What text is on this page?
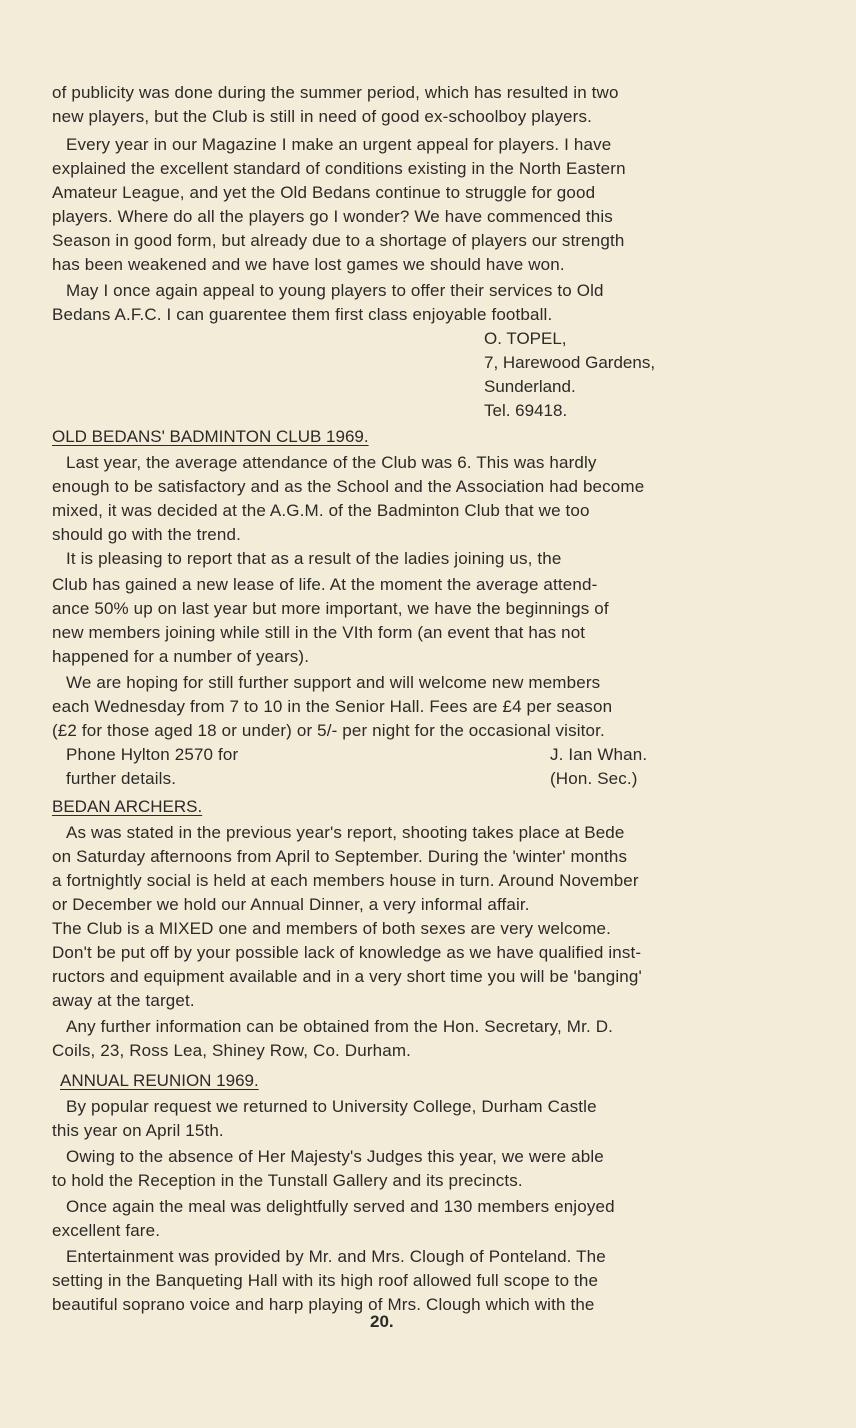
of publicity was done during the summer period, which has resulted in two
new players, but the Club is still in need of good ex-schoolboy players.
Every year in our Magazine I make an urgent appeal for players. I have
explained the excellent standard of conditions existing in the North Eastern
Amateur League, and yet the Old Bedans continue to struggle for good
players. Where do all the players go I wonder? We have commenced this
Season in good form, but already due to a shortage of players our strength
has been weakened and we have lost games we should have won.
May I once again appeal to young players to offer their services to Old
Bedans A.F.C. I can guarentee them first class enjoyable football.
O. TOPEL,
7, Harewood Gardens,
Sunderland.
Tel. 69418.
OLD BEDANS' BADMINTON CLUB 1969.
Last year, the average attendance of the Club was 6. This was hardly
enough to be satisfactory and as the School and the Association had become
mixed, it was decided at the A.G.M. of the Badminton Club that we too
should go with the trend.
It is pleasing to report that as a result of the ladies joining us, the
Club has gained a new lease of life. At the moment the average attend-
ance 50% up on last year but more important, we have the beginnings of
new members joining while still in the VIth form (an event that has not
happened for a number of years).
We are hoping for still further support and will welcome new members
each Wednesday from 7 to 10 in the Senior Hall. Fees are £4 per season
(£2 for those aged 18 or under) or 5/- per night for the occasional visitor.
Phone Hylton 2570 for
further details.
J. Ian Whan.
(Hon. Sec.)
BEDAN ARCHERS.
As was stated in the previous year's report, shooting takes place at Bede
on Saturday afternoons from April to September. During the 'winter' months
a fortnightly social is held at each members house in turn. Around November
or December we hold our Annual Dinner, a very informal affair.
The Club is a MIXED one and members of both sexes are very welcome.
Don't be put off by your possible lack of knowledge as we have qualified inst-
ructors and equipment available and in a very short time you will be 'banging'
away at the target.
Any further information can be obtained from the Hon. Secretary, Mr. D.
Coils, 23, Ross Lea, Shiney Row, Co. Durham.
ANNUAL REUNION 1969.
By popular request we returned to University College, Durham Castle
this year on April 15th.
Owing to the absence of Her Majesty's Judges this year, we were able
to hold the Reception in the Tunstall Gallery and its precincts.
Once again the meal was delightfully served and 130 members enjoyed
excellent fare.
Entertainment was provided by Mr. and Mrs. Clough of Ponteland. The
setting in the Banqueting Hall with its high roof allowed full scope to the
beautiful soprano voice and harp playing of Mrs. Clough which with the
20.
